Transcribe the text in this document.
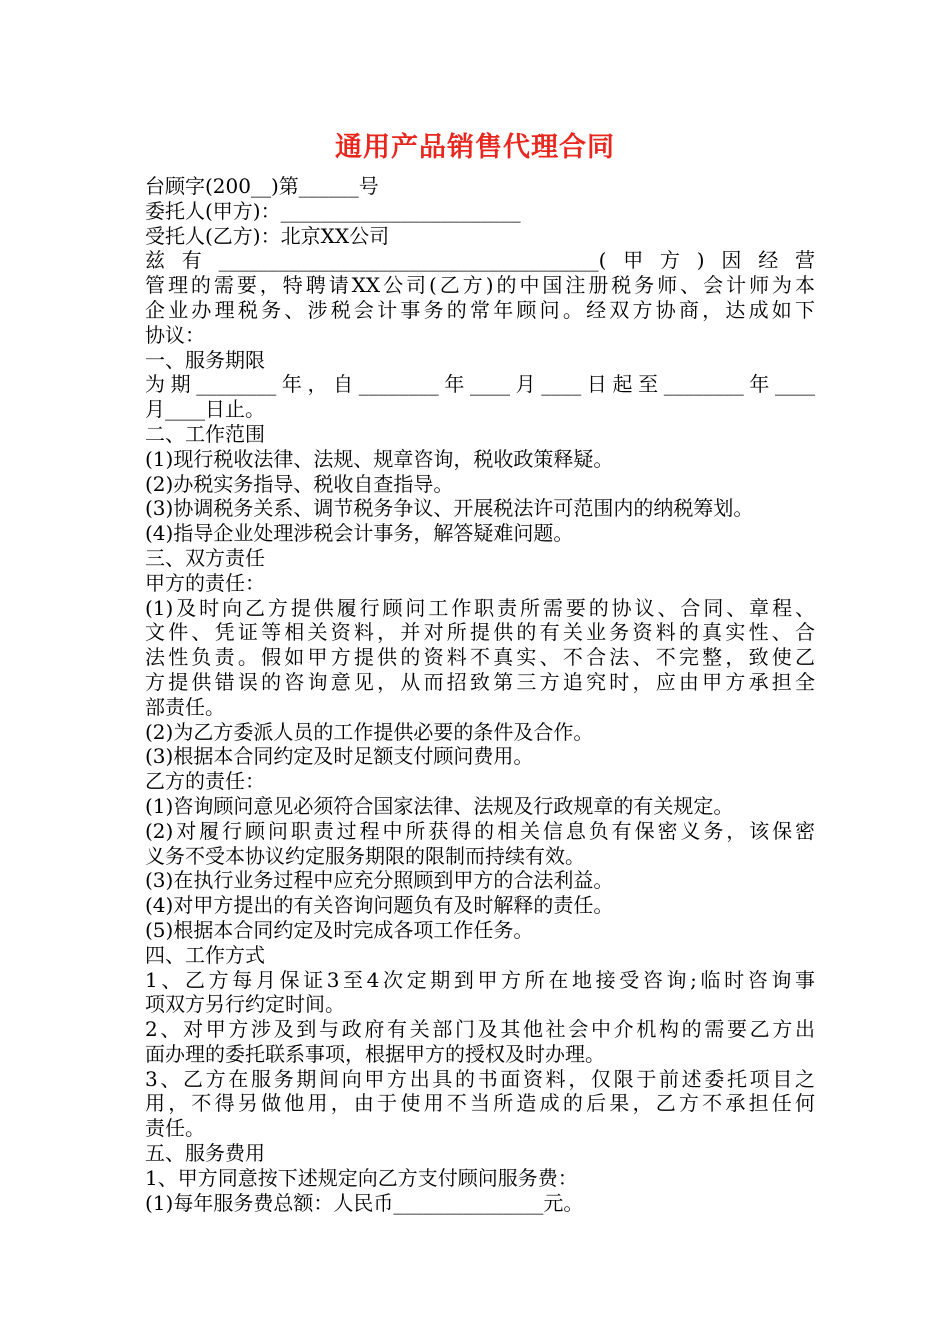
通用产品销售代理合同
台顾字(200__)第______号
委托人(甲方)：________________________
受托人(乙方)：北京XX公司
兹有______________________________________(甲方)因经营
管理的需要，特聘请XX公司(乙方)的中国注册税务师、会计师为本
企业办理税务、涉税会计事务的常年顾问。经双方协商，达成如下
协议：
一、服务期限
为期________年，自________年____月____日起至________年____
月____日止。
二、工作范围
(1)现行税收法律、法规、规章咨询，税收政策释疑。
(2)办税实务指导、税收自查指导。
(3)协调税务关系、调节税务争议、开展税法许可范围内的纳税筹划。
(4)指导企业处理涉税会计事务，解答疑难问题。
三、双方责任
甲方的责任：
(1)及时向乙方提供履行顾问工作职责所需要的协议、合同、章程、
文件、凭证等相关资料，并对所提供的有关业务资料的真实性、合
法性负责。假如甲方提供的资料不真实、不合法、不完整，致使乙
方提供错误的咨询意见，从而招致第三方追究时，应由甲方承担全
部责任。
(2)为乙方委派人员的工作提供必要的条件及合作。
(3)根据本合同约定及时足额支付顾问费用。
乙方的责任：
(1)咨询顾问意见必须符合国家法律、法规及行政规章的有关规定。
(2)对履行顾问职责过程中所获得的相关信息负有保密义务，该保密
义务不受本协议约定服务期限的限制而持续有效。
(3)在执行业务过程中应充分照顾到甲方的合法利益。
(4)对甲方提出的有关咨询问题负有及时解释的责任。
(5)根据本合同约定及时完成各项工作任务。
四、工作方式
1、乙方每月保证3至4次定期到甲方所在地接受咨询;临时咨询事
项双方另行约定时间。
2、对甲方涉及到与政府有关部门及其他社会中介机构的需要乙方出
面办理的委托联系事项，根据甲方的授权及时办理。
3、乙方在服务期间向甲方出具的书面资料，仅限于前述委托项目之
用，不得另做他用，由于使用不当所造成的后果，乙方不承担任何
责任。
五、服务费用
1、甲方同意按下述规定向乙方支付顾问服务费：
(1)每年服务费总额：人民币_______________元。
